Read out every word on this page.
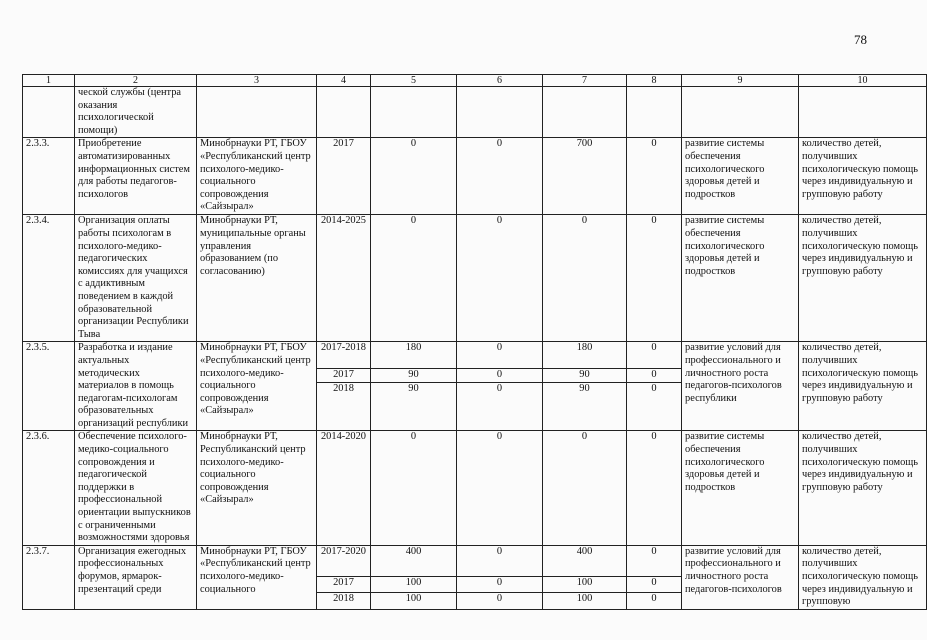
78
1	2	3	4	5	6	7	8	9	10
	ческой службы (центра оказания психологической помощи)								
2.3.3.	Приобретение автоматизированных информационных систем для работы педагогов-психологов	Минобрнауки РТ, ГБОУ «Республиканский центр психолого-медико-социального сопровождения «Сайзырал»	2017	0	0	700	0	развитие системы обеспечения психологического здоровья детей и подростков	количество детей, получивших психологическую помощь через индивидуальную и групповую работу
2.3.4.	Организация оплаты работы психологам в психолого-медико-педагогических комиссиях для учащихся с аддиктивным поведением в каждой образовательной организации Республики Тыва	Минобрнауки РТ, муниципальные органы управления образованием (по согласованию)	2014-2025	0	0	0	0	развитие системы обеспечения психологического здоровья детей и подростков	количество детей, получивших психологическую помощь через индивидуальную и групповую работу
2.3.5.	Разработка и издание актуальных методических материалов в помощь педагогам-психологам образовательных организаций республики	Минобрнауки РТ, ГБОУ «Республиканский центр психолого-медико-социального сопровождения «Сайзырал»	2017-2018	180	0	180	0	развитие условий для профессионального и личностного роста педагогов-психологов республики	количество детей, получивших психологическую помощь через индивидуальную и групповую работу
			2017	90	0	90	0		
			2018	90	0	90	0		
2.3.6.	Обеспечение психолого-медико-социального сопровождения и педагогической поддержки в профессиональной ориентации выпускников с ограниченными возможностями здоровья	Минобрнауки РТ, Республиканский центр психолого-медико-социального сопровождения «Сайзырал»	2014-2020	0	0	0	0	развитие системы обеспечения психологического здоровья детей и подростков	количество детей, получивших психологическую помощь через индивидуальную и групповую работу
2.3.7.	Организация ежегодных профессиональных форумов, ярмарок-презентаций среди	Минобрнауки РТ, ГБОУ «Республиканский центр психолого-медико-социального	2017-2020	400	0	400	0	развитие условий для профессионального и личностного роста педагогов-психологов	количество детей, получивших психологическую помощь через индивидуальную и групповую
			2017	100	0	100	0		
			2018	100	0	100	0		
